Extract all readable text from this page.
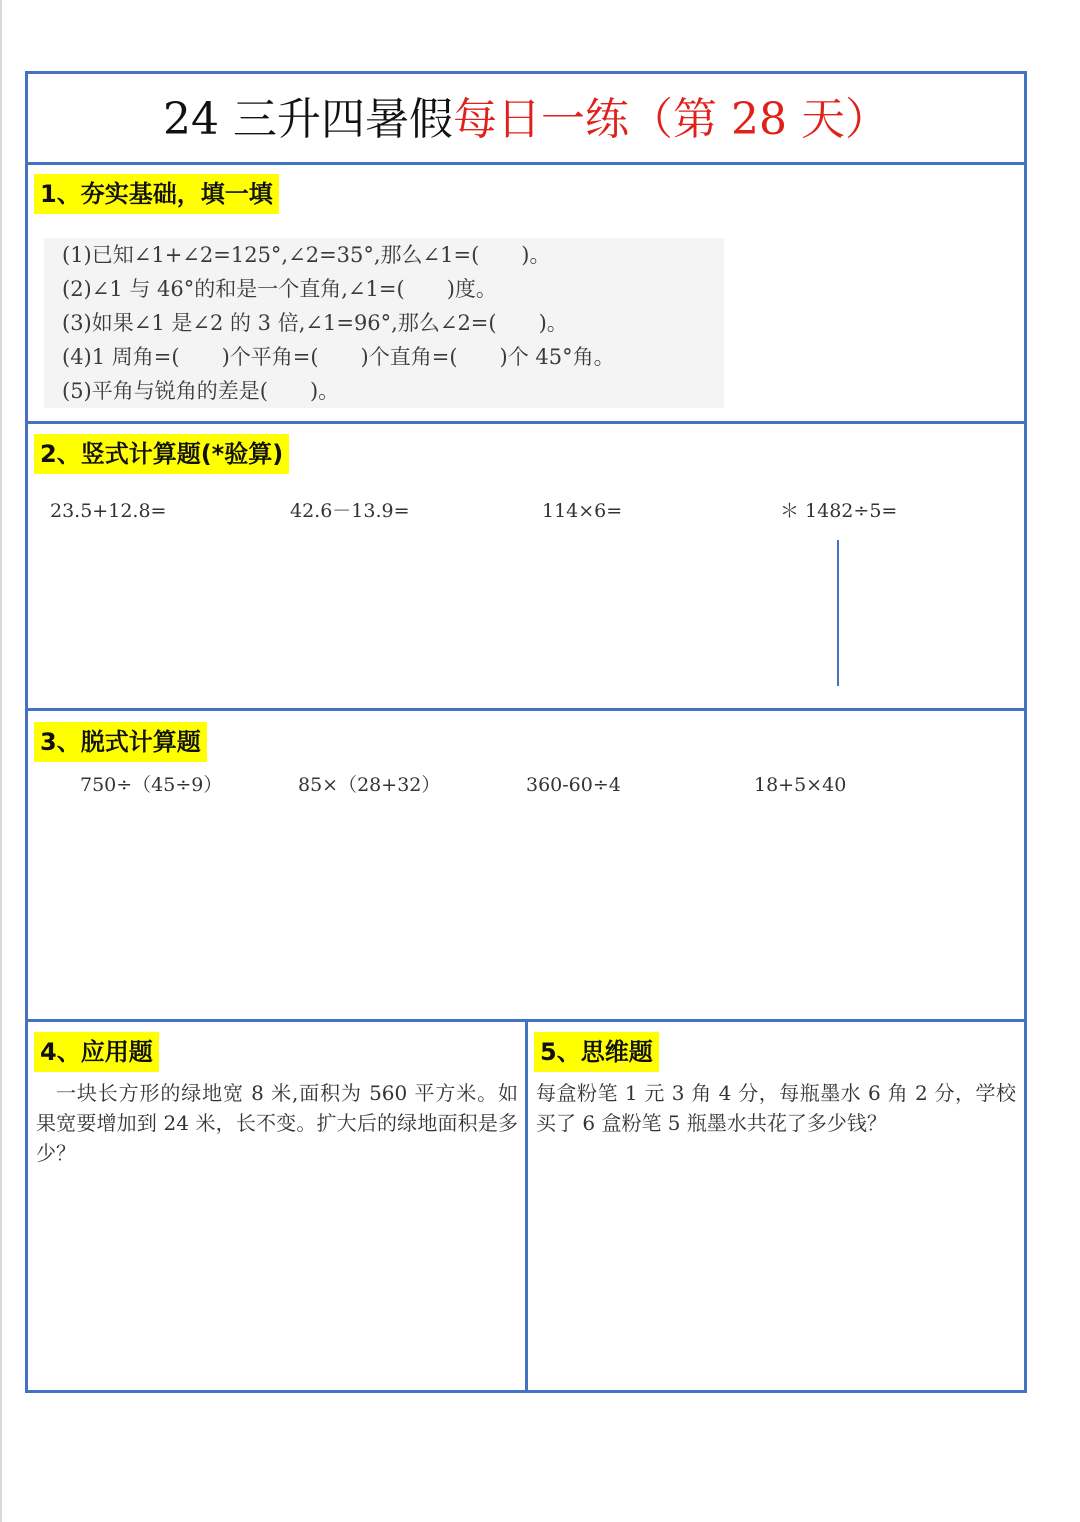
24 三升四暑假每日一练（第 28 天）
1、夯实基础，填一填
(1)已知∠1+∠2=125°,∠2=35°,那么∠1=(　　)。
(2)∠1 与 46°的和是一个直角,∠1=(　　)度。
(3)如果∠1 是∠2 的 3 倍,∠1=96°,那么∠2=(　　)。
(4)1 周角=(　　)个平角=(　　)个直角=(　　)个 45°角。
(5)平角与锐角的差是(　　)。
2、竖式计算题(*验算)
23.5+12.8=	42.6－13.9=	114×6=	＊ 1482÷5=
3、脱式计算题
750÷（45÷9）	85×（28+32）	360-60÷4	18+5×40
4、应用题
一块长方形的绿地宽 8 米,面积为 560 平方米。如果宽要增加到 24 米，长不变。扩大后的绿地面积是多少？
5、思维题
每盒粉笔 1 元 3 角 4 分，每瓶墨水 6 角 2 分，学校买了 6 盒粉笔 5 瓶墨水共花了多少钱？
